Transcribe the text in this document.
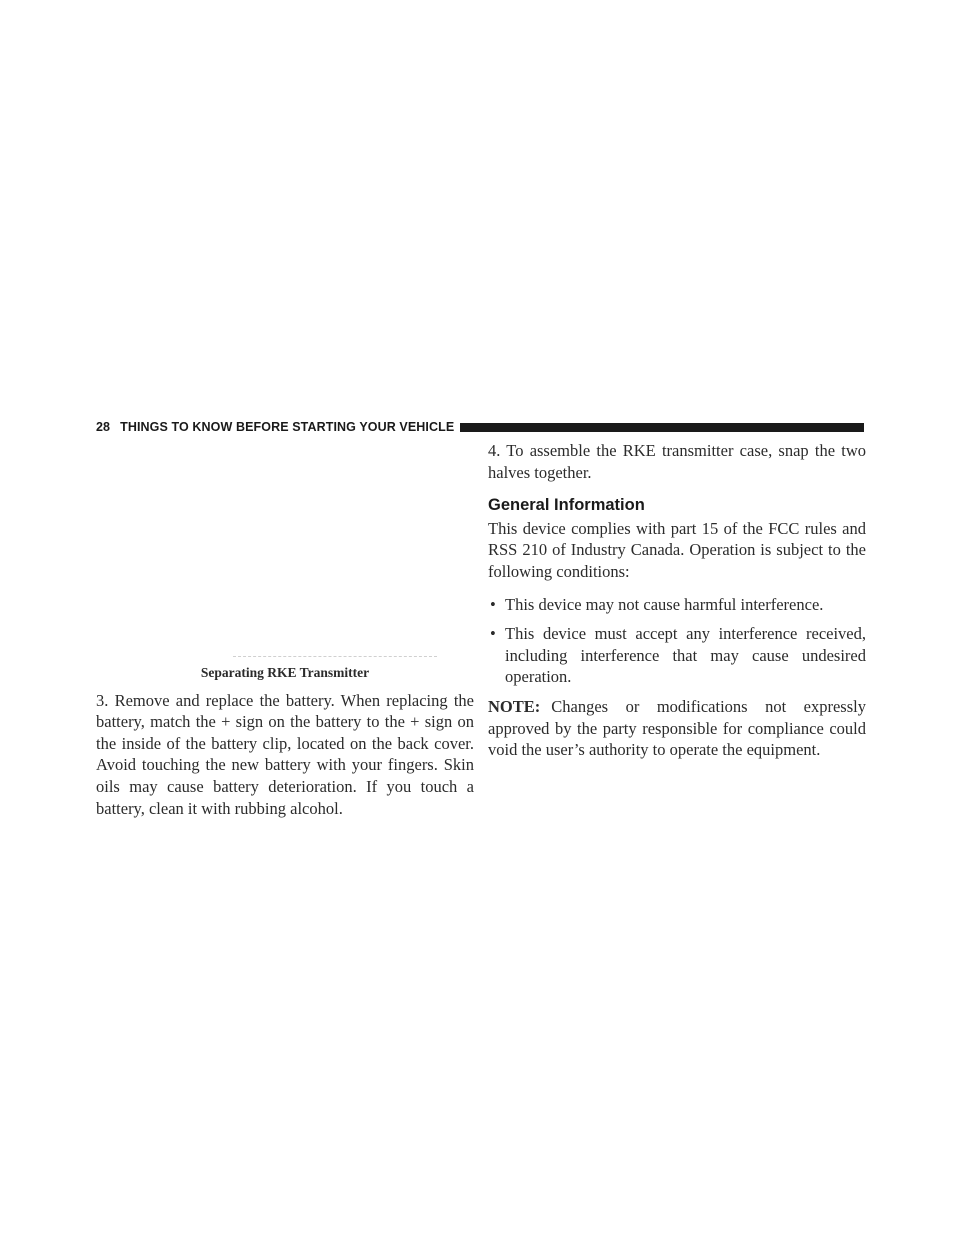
28 THINGS TO KNOW BEFORE STARTING YOUR VEHICLE
Separating RKE Transmitter

3. Remove and replace the battery. When replacing the battery, match the + sign on the battery to the + sign on the inside of the battery clip, located on the back cover. Avoid touching the new battery with your fingers. Skin oils may cause battery deterioration. If you touch a battery, clean it with rubbing alcohol.

4. To assemble the RKE transmitter case, snap the two halves together.

General Information

This device complies with part 15 of the FCC rules and RSS 210 of Industry Canada. Operation is subject to the following conditions:

• This device may not cause harmful interference.
• This device must accept any interference received, including interference that may cause undesired operation.

NOTE: Changes or modifications not expressly approved by the party responsible for compliance could void the user’s authority to operate the equipment.
